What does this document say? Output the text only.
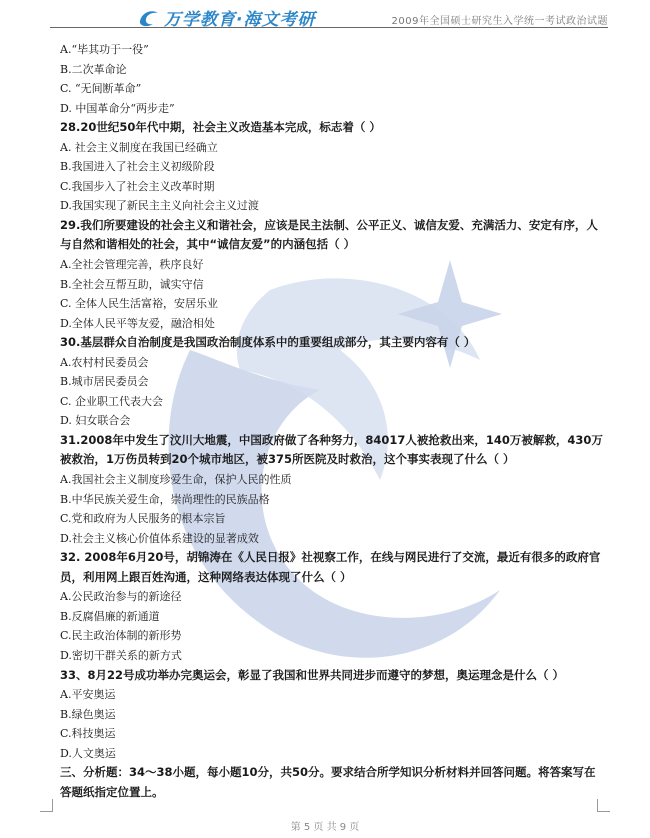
万学教育·海文考研	2009年全国硕士研究生入学统一考试政治试题
A.“毕其功于一役”
B.二次革命论
C. “无间断革命”
D. 中国革命分“两步走”
28.20世纪50年代中期，社会主义改造基本完成，标志着（ ）
A. 社会主义制度在我国已经确立
B.我国进入了社会主义初级阶段
C.我国步入了社会主义改革时期
D.我国实现了新民主主义向社会主义过渡
29.我们所要建设的社会主义和谐社会，应该是民主法制、公平正义、诚信友爱、充满活力、安定有序，人与自然和谐相处的社会，其中“诚信友爱”的内涵包括（ ）
A.全社会管理完善，秩序良好
B.全社会互帮互助，诚实守信
C. 全体人民生活富裕，安居乐业
D.全体人民平等友爱，融洽相处
30.基层群众自治制度是我国政治制度体系中的重要组成部分，其主要内容有（ ）
A.农村村民委员会
B.城市居民委员会
C. 企业职工代表大会
D. 妇女联合会
31.2008年中发生了汶川大地震，中国政府做了各种努力，84017人被抢救出来，140万被解救，430万被救治，1万伤员转到20个城市地区，被375所医院及时救治，这个事实表现了什么（ ）
A.我国社会主义制度珍爱生命，保护人民的性质
B.中华民族关爱生命，崇尚理性的民族品格
C.党和政府为人民服务的根本宗旨
D.社会主义核心价值体系建设的显著成效
32. 2008年6月20号，胡锦涛在《人民日报》社视察工作，在线与网民进行了交流，最近有很多的政府官员，利用网上跟百姓沟通，这种网络表达体现了什么（ ）
A.公民政治参与的新途径
B.反腐倡廉的新通道
C.民主政治体制的新形势
D.密切干群关系的新方式
33、8月22号成功举办完奥运会，彰显了我国和世界共同进步而遵守的梦想，奥运理念是什么（ ）
A.平安奥运
B.绿色奥运
C.科技奥运
D.人文奥运
三、分析题：34～38小题，每小题10分，共50分。要求结合所学知识分析材料并回答问题。将答案写在答题纸指定位置上。
第 5 页 共 9 页
